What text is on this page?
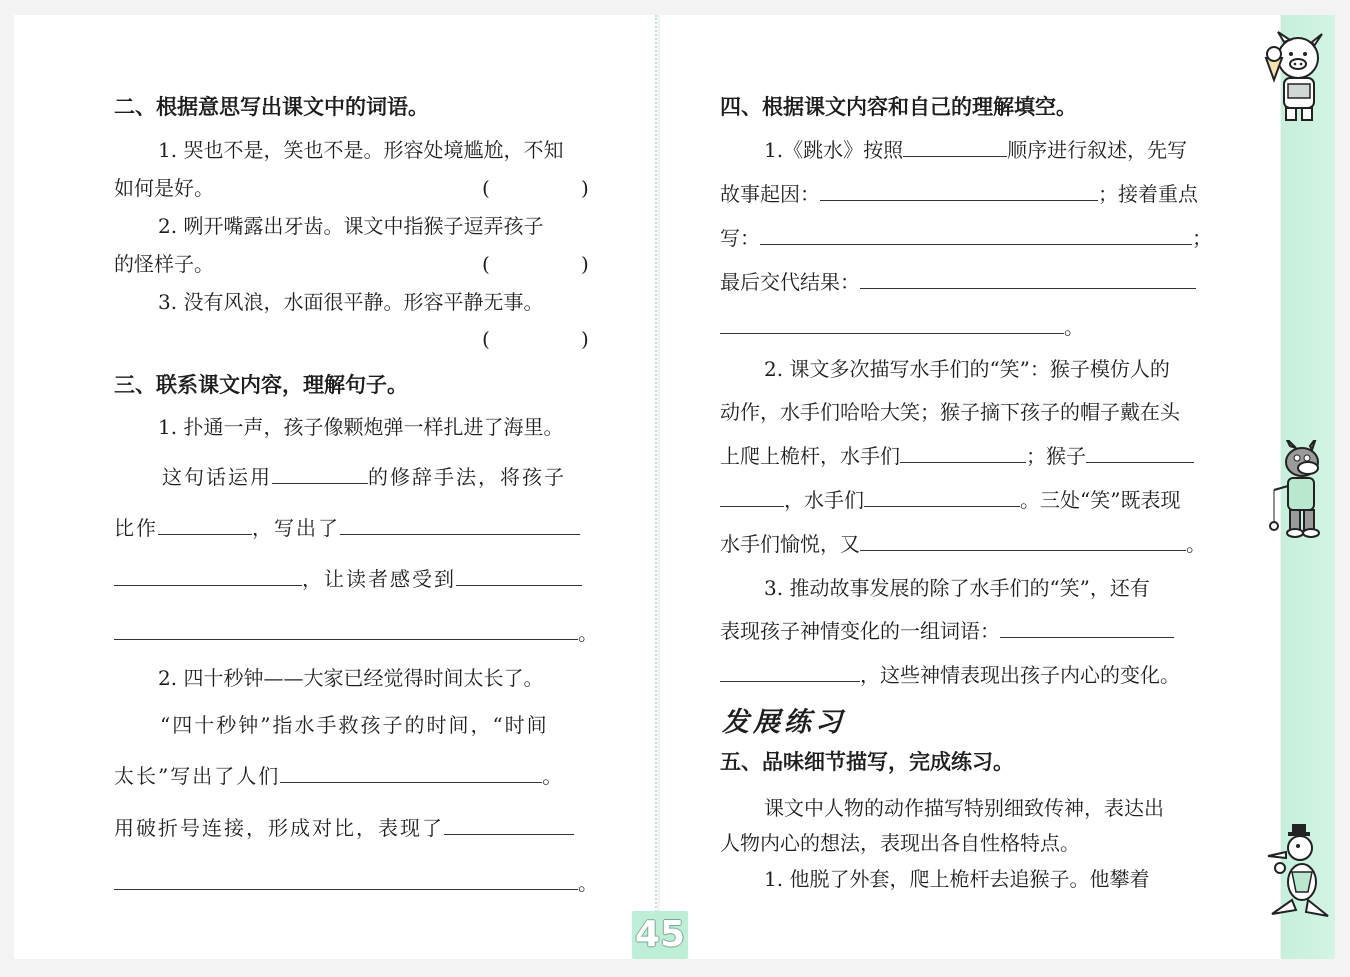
二、根据意思写出课文中的词语。
1. 哭也不是，笑也不是。形容处境尴尬，不知
如何是好。	(	)
2. 咧开嘴露出牙齿。课文中指猴子逗弄孩子
的怪样子。	(	)
3. 没有风浪，水面很平静。形容平静无事。
(	)
三、联系课文内容，理解句子。
1. 扑通一声，孩子像颗炮弹一样扎进了海里。
这句话运用	的修辞手法，将孩子
比作	，写出了
，让读者感受到
。
2. 四十秒钟——大家已经觉得时间太长了。
“四十秒钟”指水手救孩子的时间，“时间
太长”写出了人们	。
用破折号连接，形成对比，表现了
。
四、根据课文内容和自己的理解填空。
1.《跳水》按照	顺序进行叙述，先写
故事起因：	；接着重点
写：	；
最后交代结果：
。
2. 课文多次描写水手们的“笑”：猴子模仿人的
动作，水手们哈哈大笑；猴子摘下孩子的帽子戴在头
上爬上桅杆，水手们	；猴子
，水手们	。三处“笑”既表现
水手们愉悦，又	。
3. 推动故事发展的除了水手们的“笑”，还有
表现孩子神情变化的一组词语：
，这些神情表现出孩子内心的变化。
发展练习
五、品味细节描写，完成练习。
课文中人物的动作描写特别细致传神，表达出
人物内心的想法，表现出各自性格特点。
1. 他脱了外套，爬上桅杆去追猴子。他攀着
45
